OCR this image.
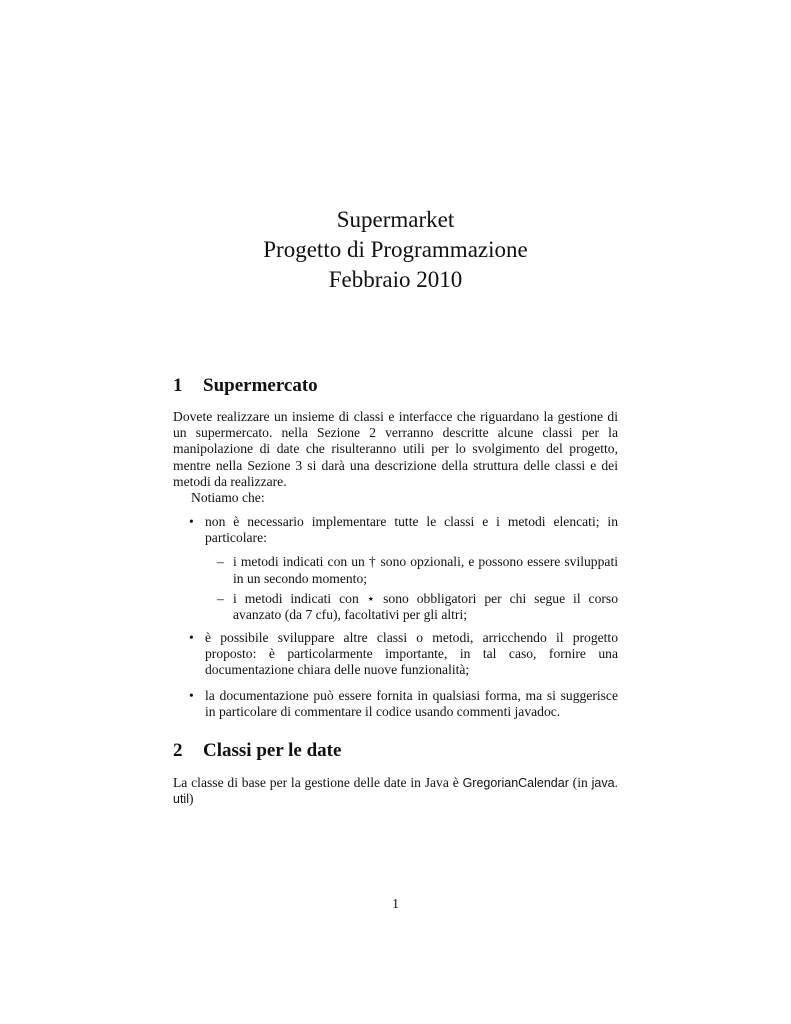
Supermarket
Progetto di Programmazione
Febbraio 2010
1 Supermercato
Dovete realizzare un insieme di classi e interfacce che riguardano la gestione di un supermercato. nella Sezione 2 verranno descritte alcune classi per la manipolazione di date che risulteranno utili per lo svolgimento del progetto, mentre nella Sezione 3 si darà una descrizione della struttura delle classi e dei metodi da realizzare.
Notiamo che:
• non è necessario implementare tutte le classi e i metodi elencati; in particolare:
– i metodi indicati con un † sono opzionali, e possono essere sviluppati in un secondo momento;
– i metodi indicati con ⋆ sono obbligatori per chi segue il corso avanzato (da 7 cfu), facoltativi per gli altri;
• è possibile sviluppare altre classi o metodi, arricchendo il progetto proposto: è particolarmente importante, in tal caso, fornire una documentazione chiara delle nuove funzionalità;
• la documentazione può essere fornita in qualsiasi forma, ma si suggerisce in particolare di commentare il codice usando commenti javadoc.
2 Classi per le date
La classe di base per la gestione delle date in Java è GregorianCalendar (in java. util)
1
